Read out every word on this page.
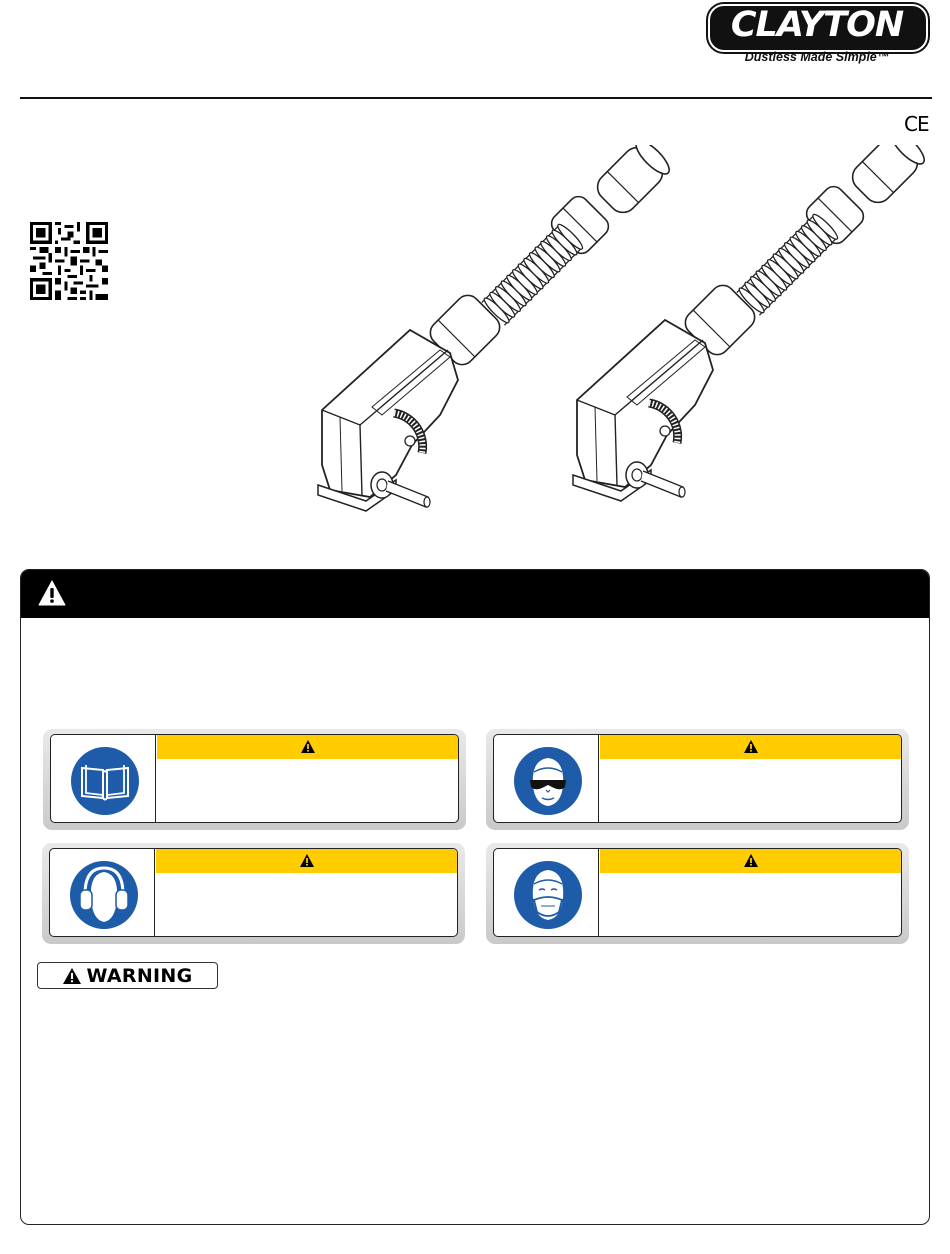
CLAYTON
Dustless Made Simple™
CE
WARNING
